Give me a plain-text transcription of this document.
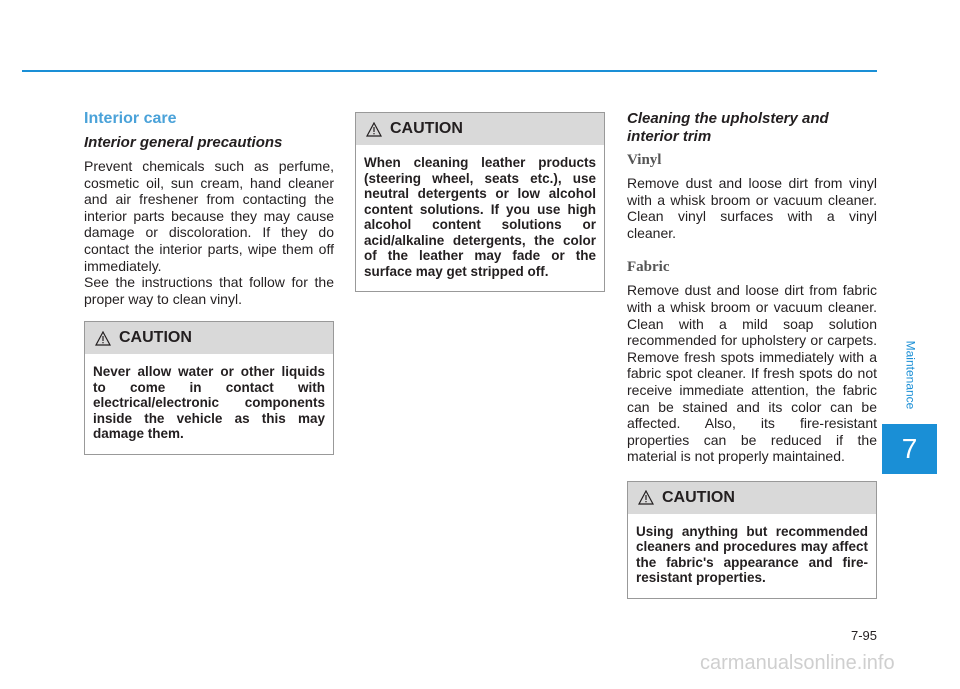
Maintenance
7
Interior care
Interior general precautions

Prevent chemicals such as perfume, cosmetic oil, sun cream, hand cleaner and air freshener from contacting the interior parts because they may cause damage or discoloration. If they do contact the interior parts, wipe them off immediately.

See the instructions that follow for the proper way to clean vinyl.

CAUTION
Never allow water or other liquids to come in contact with electrical/electronic components inside the vehicle as this may damage them.
CAUTION
When cleaning leather products (steering wheel, seats etc.), use neutral detergents or low alcohol content solutions. If you use high alcohol content solutions or acid/alkaline detergents, the color of the leather may fade or the surface may get stripped off.
Cleaning the upholstery and interior trim
Vinyl

Remove dust and loose dirt from vinyl with a whisk broom or vacuum cleaner. Clean vinyl surfaces with a vinyl cleaner.

Fabric

Remove dust and loose dirt from fabric with a whisk broom or vacuum cleaner. Clean with a mild soap solution recommended for upholstery or carpets. Remove fresh spots immediately with a fabric spot cleaner. If fresh spots do not receive immediate attention, the fabric can be stained and its color can be affected. Also, its fire-resistant properties can be reduced if the material is not properly maintained.

CAUTION
Using anything but recommended cleaners and procedures may affect the fabric's appearance and fire-resistant properties.
7-95
carmanualsonline.info
